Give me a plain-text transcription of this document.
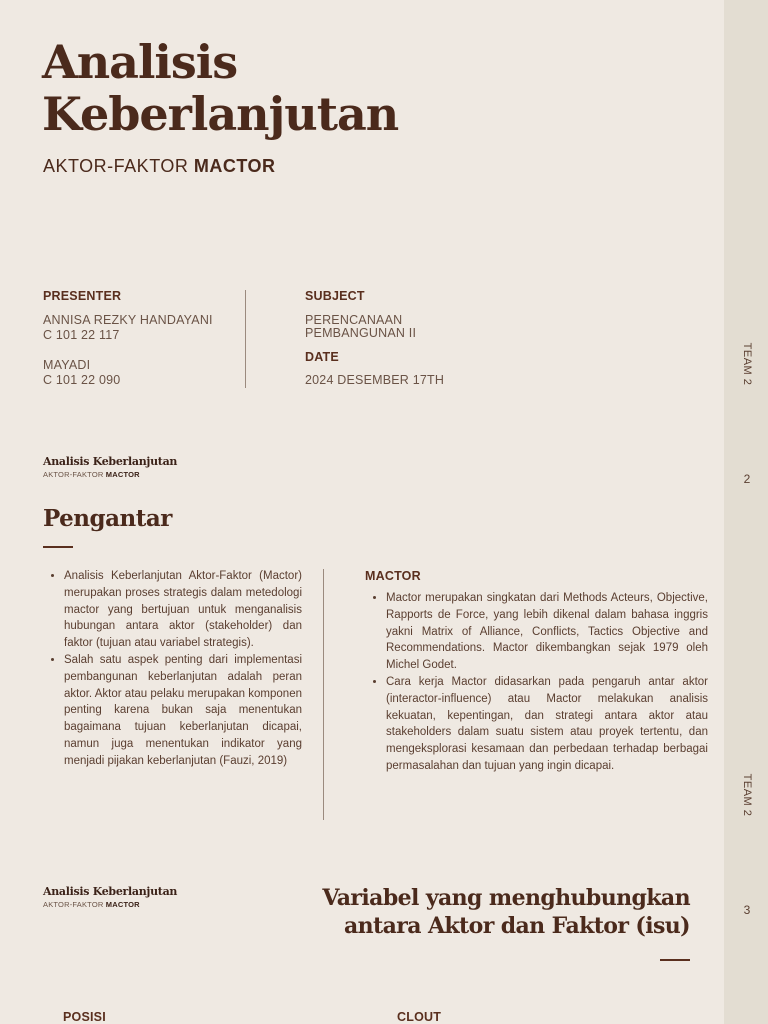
TEAM 2
2
TEAM 2
3
Analisis
Keberlanjutan
AKTOR-FAKTOR MACTOR
PRESENTER
ANNISA REZKY HANDAYANI
C 101 22 117
MAYADI
C 101 22 090
SUBJECT
PERENCANAAN
PEMBANGUNAN II
DATE
2024 DESEMBER 17TH
Analisis Keberlanjutan
AKTOR-FAKTOR MACTOR
Pengantar
• Analisis Keberlanjutan Aktor-Faktor (Mactor) merupakan proses strategis dalam metedologi mactor yang bertujuan untuk menganalisis hubungan antara aktor (stakeholder) dan faktor (tujuan atau variabel strategis).
• Salah satu aspek penting dari implementasi pembangunan keberlanjutan adalah peran aktor. Aktor atau pelaku merupakan komponen penting karena bukan saja menentukan bagaimana tujuan keberlanjutan dicapai, namun juga menentukan indikator yang menjadi pijakan keberlanjutan (Fauzi, 2019)
MACTOR
• Mactor merupakan singkatan dari Methods Acteurs, Objective, Rapports de Force, yang lebih dikenal dalam bahasa inggris yakni Matrix of Alliance, Conflicts, Tactics Objective and Recommendations. Mactor dikembangkan sejak 1979 oleh Michel Godet.
• Cara kerja Mactor didasarkan pada pengaruh antar aktor (interactor-influence) atau Mactor melakukan analisis kekuatan, kepentingan, dan strategi antara aktor atau stakeholders dalam suatu sistem atau proyek tertentu, dan mengeksplorasi kesamaan dan perbedaan terhadap berbagai permasalahan dan tujuan yang ingin dicapai.
Analisis Keberlanjutan
AKTOR-FAKTOR MACTOR	Variabel yang menghubungkan
antara Aktor dan Faktor (isu)
POSISI	CLOUT
